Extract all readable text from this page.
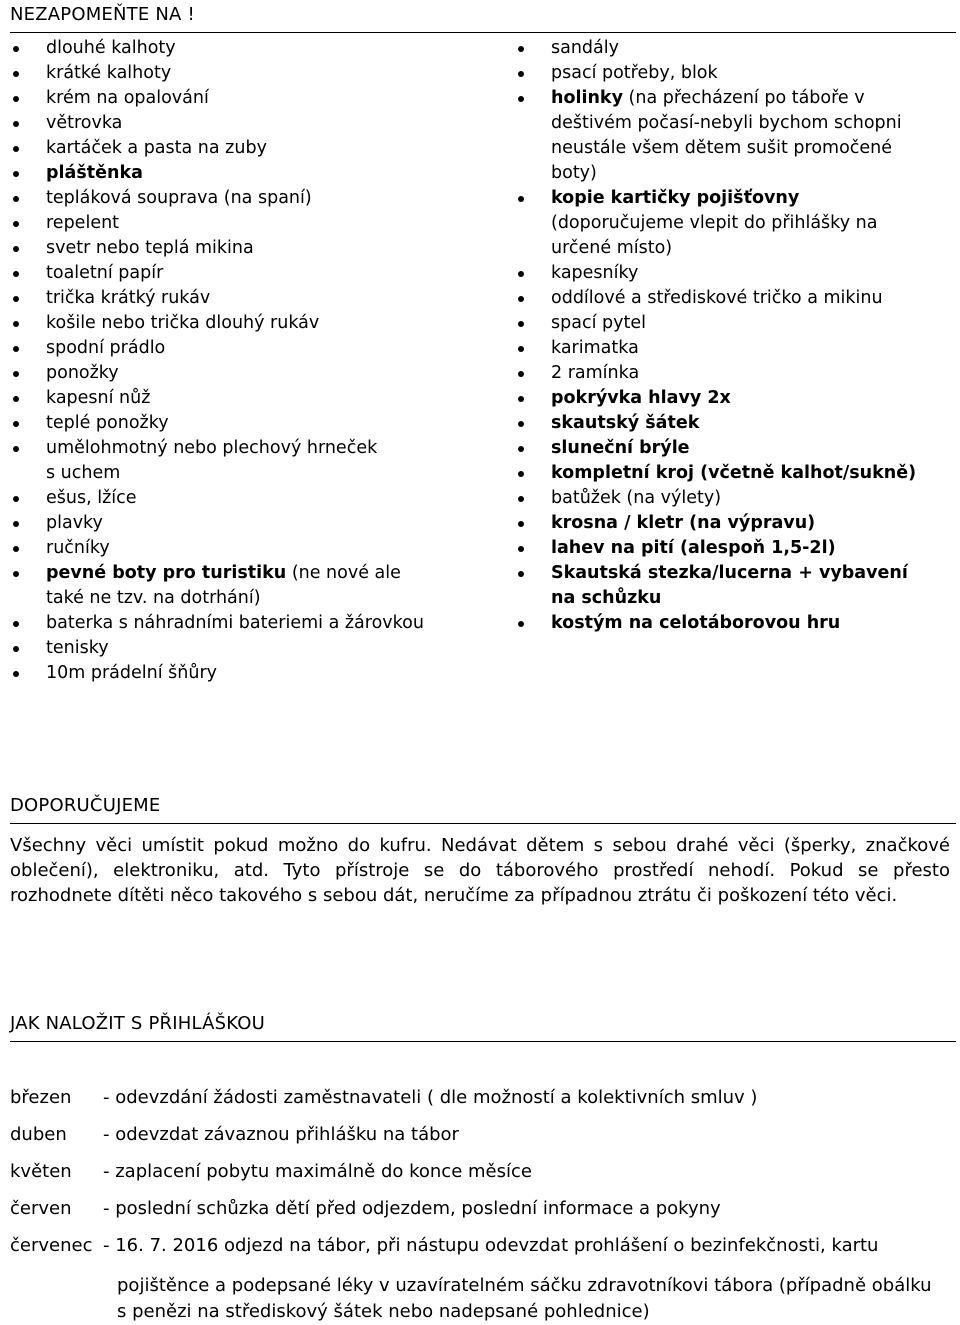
NEZAPOMEŇTE NA !
dlouhé kalhoty
krátké kalhoty
krém na opalování
větrovka
kartáček a pasta na zuby
pláštěnka
tepláková souprava (na spaní)
repelent
svetr nebo teplá mikina
toaletní papír
trička krátký rukáv
košile nebo trička dlouhý rukáv
spodní prádlo
ponožky
kapesní nůž
teplé ponožky
umělohmotný nebo plechový hrneček
s uchem
ešus, lžíce
plavky
ručníky
pevné boty pro turistiku (ne nové ale
také ne tzv. na dotrhání)
baterka s náhradními bateriemi a žárovkou
tenisky
10m prádelní šňůry
sandály
psací potřeby, blok
holinky (na přecházení po táboře v
deštivém počasí-nebyli bychom schopni
neustále všem dětem sušit promočené
boty)
kopie kartičky pojišťovny
(doporučujeme vlepit do přihlášky na
určené místo)
kapesníky
oddílové a střediskové tričko a mikinu
spací pytel
karimatka
2 ramínka
pokrývka hlavy 2x
skautský šátek
sluneční brýle
kompletní kroj (včetně kalhot/sukně)
batůžek (na výlety)
krosna / kletr (na výpravu)
lahev na pití (alespoň 1,5-2l)
Skautská stezka/lucerna + vybavení
na schůzku
kostým na celotáborovou hru
DOPORUČUJEME
Všechny věci umístit pokud možno do kufru. Nedávat dětem s sebou drahé věci (šperky, značkové oblečení), elektroniku, atd. Tyto přístroje se do táborového prostředí nehodí. Pokud se přesto rozhodnete dítěti něco takového s sebou dát, neručíme za případnou ztrátu či poškození této věci.
JAK NALOŽIT S PŘIHLÁŠKOU
březen - odevzdání žádosti zaměstnavateli ( dle možností a kolektivních smluv )
duben - odevzdat závaznou přihlášku na tábor
květen - zaplacení pobytu maximálně do konce měsíce
červen - poslední schůzka dětí před odjezdem, poslední informace a pokyny
červenec - 16. 7. 2016 odjezd na tábor, při nástupu odevzdat prohlášení o bezinfekčnosti, kartu
pojištěnce a podepsané léky v uzavíratelném sáčku zdravotníkovi tábora (případně obálku
s penězi na střediskový šátek nebo nadepsané pohlednice)
